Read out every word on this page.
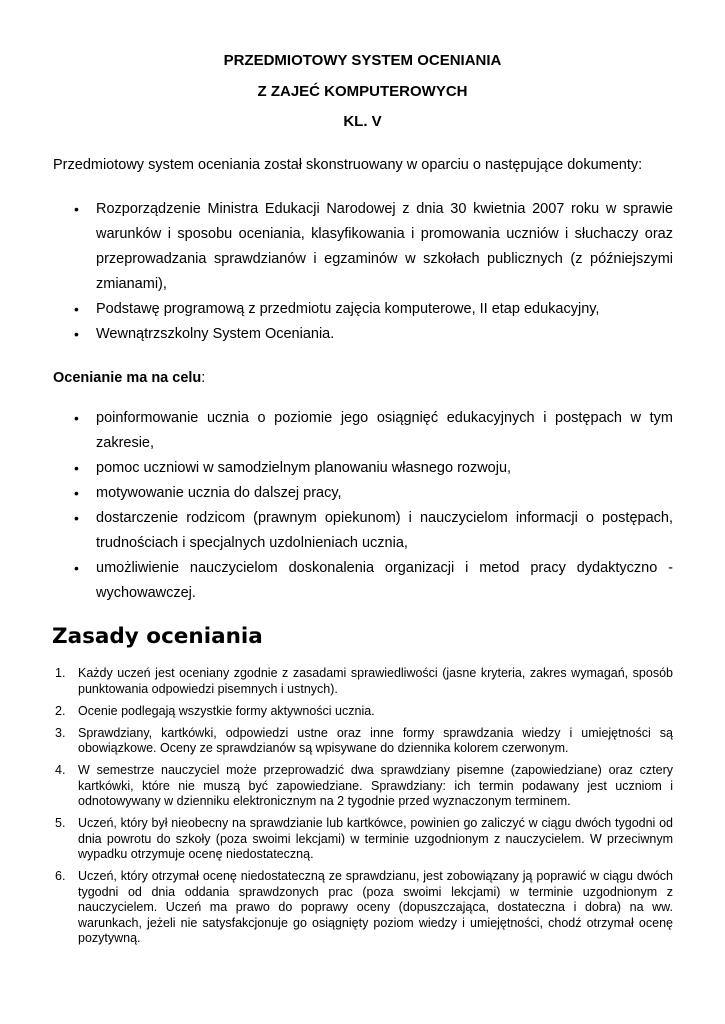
PRZEDMIOTOWY SYSTEM OCENIANIA
Z ZAJEĆ KOMPUTEROWYCH
KL. V
Przedmiotowy system oceniania został skonstruowany w oparciu o następujące dokumenty:
• Rozporządzenie Ministra Edukacji Narodowej z dnia 30 kwietnia 2007 roku w sprawie warunków i sposobu oceniania, klasyfikowania i promowania uczniów i słuchaczy oraz przeprowadzania sprawdzianów i egzaminów w szkołach publicznych (z późniejszymi zmianami),
• Podstawę programową z przedmiotu zajęcia komputerowe, II etap edukacyjny,
• Wewnątrzszkolny System Oceniania.
Ocenianie ma na celu:
• poinformowanie ucznia o poziomie jego osiągnięć edukacyjnych i postępach w tym zakresie,
• pomoc uczniowi w samodzielnym planowaniu własnego rozwoju,
• motywowanie ucznia do dalszej pracy,
• dostarczenie rodzicom (prawnym opiekunom) i nauczycielom informacji o postępach, trudnościach i specjalnych uzdolnieniach ucznia,
• umożliwienie nauczycielom doskonalenia organizacji i metod pracy dydaktyczno - wychowawczej.
Zasady oceniania
1. Każdy uczeń jest oceniany zgodnie z zasadami sprawiedliwości (jasne kryteria, zakres wymagań, sposób punktowania odpowiedzi pisemnych i ustnych).
2. Ocenie podlegają wszystkie formy aktywności ucznia.
3. Sprawdziany, kartkówki, odpowiedzi ustne oraz inne formy sprawdzania wiedzy i umiejętności są obowiązkowe. Oceny ze sprawdzianów są wpisywane do dziennika kolorem czerwonym.
4. W semestrze nauczyciel może przeprowadzić dwa sprawdziany pisemne (zapowiedziane) oraz cztery kartkówki, które nie muszą być zapowiedziane. Sprawdziany: ich termin podawany jest uczniom i odnotowywany w dzienniku elektronicznym na 2 tygodnie przed wyznaczonym terminem.
5. Uczeń, który był nieobecny na sprawdzianie lub kartkówce, powinien go zaliczyć w ciągu dwóch tygodni od dnia powrotu do szkoły (poza swoimi lekcjami) w terminie uzgodnionym z nauczycielem. W przeciwnym wypadku otrzymuje ocenę niedostateczną.
6. Uczeń, który otrzymał ocenę niedostateczną ze sprawdzianu, jest zobowiązany ją poprawić w ciągu dwóch tygodni od dnia oddania sprawdzonych prac (poza swoimi lekcjami) w terminie uzgodnionym z nauczycielem. Uczeń ma prawo do poprawy oceny (dopuszczająca, dostateczna i dobra) na ww. warunkach, jeżeli nie satysfakcjonuje go osiągnięty poziom wiedzy i umiejętności, chodź otrzymał ocenę pozytywną.
